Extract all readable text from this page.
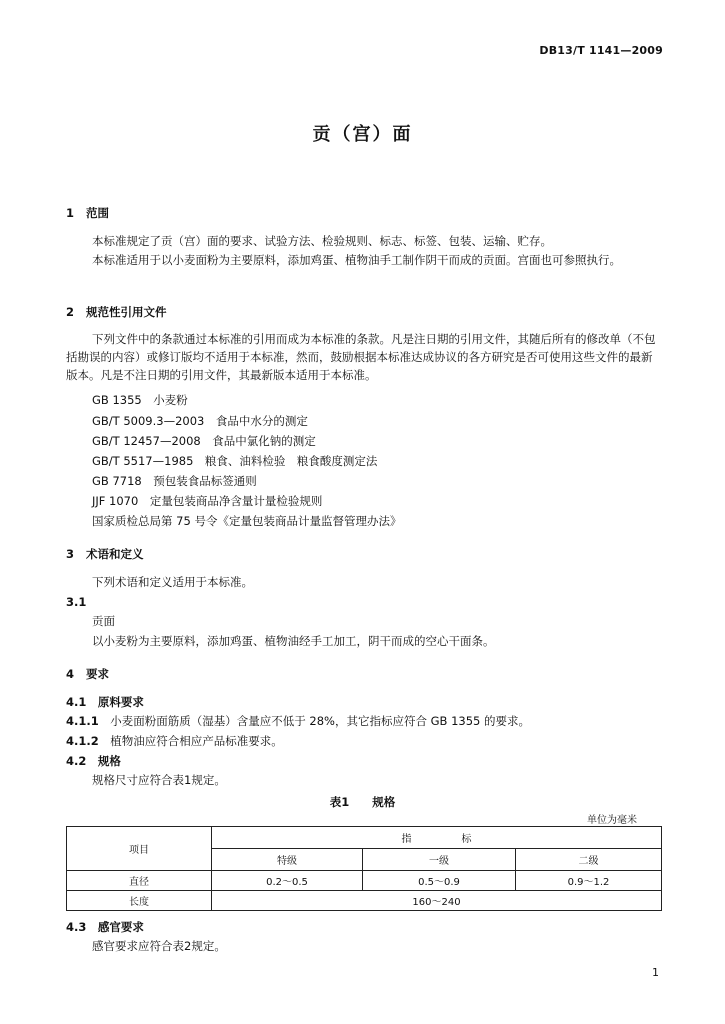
DB13/T 1141—2009
贡（宫）面
1 范围
本标准规定了贡（宫）面的要求、试验方法、检验规则、标志、标签、包装、运输、贮存。
本标准适用于以小麦面粉为主要原料，添加鸡蛋、植物油手工制作阴干而成的贡面。宫面也可参照执行。
2 规范性引用文件
下列文件中的条款通过本标准的引用而成为本标准的条款。凡是注日期的引用文件，其随后所有的修改单（不包括勘误的内容）或修订版均不适用于本标准，然而，鼓励根据本标准达成协议的各方研究是否可使用这些文件的最新版本。凡是不注日期的引用文件，其最新版本适用于本标准。
GB 1355　小麦粉
GB/T 5009.3—2003　食品中水分的测定
GB/T 12457—2008　食品中氯化钠的测定
GB/T 5517—1985　粮食、油料检验　粮食酸度测定法
GB 7718　预包装食品标签通则
JJF 1070　定量包装商品净含量计量检验规则
国家质检总局第 75 号令《定量包装商品计量监督管理办法》
3 术语和定义
下列术语和定义适用于本标准。
3.1
贡面
以小麦粉为主要原料，添加鸡蛋、植物油经手工加工，阴干而成的空心干面条。
4 要求
4.1　原料要求
4.1.1　 小麦面粉面筋质（湿基）含量应不低于 28%，其它指标应符合 GB 1355 的要求。
4.1.2　 植物油应符合相应产品标准要求。
4.2　规格
规格尺寸应符合表1规定。
表1　　规格
单位为毫米
项目	指　　　　　标		
	特级	一级	二级
直径	0.2～0.5	0.5～0.9	0.9～1.2
长度	160～240		
4.3　感官要求
感官要求应符合表2规定。
1
